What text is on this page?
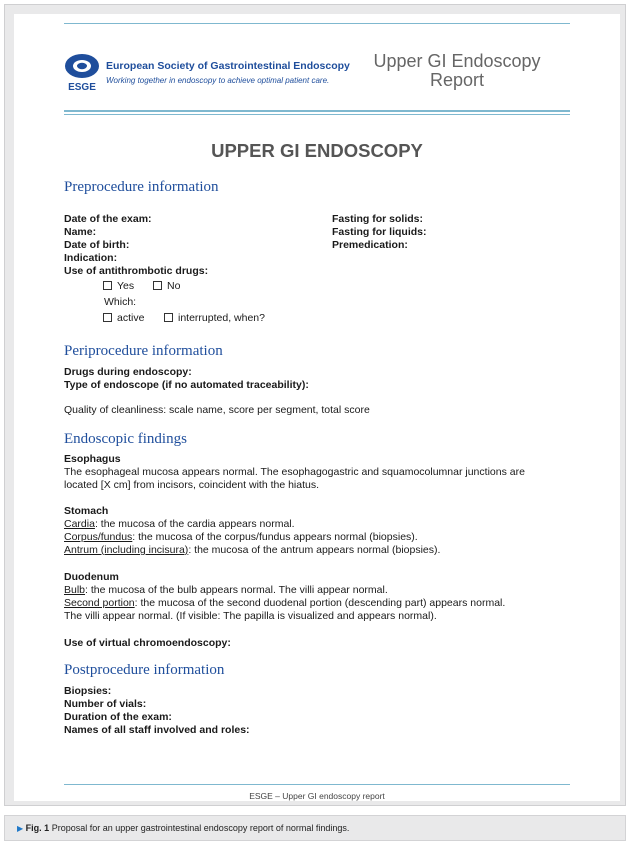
ESGE
European Society of Gastrointestinal Endoscopy
Working together in endoscopy to achieve optimal patient care.
Upper GI Endoscopy
Report
UPPER GI ENDOSCOPY
Preprocedure information
Date of the exam:
Name:
Date of birth:
Indication:
Use of antithrombotic drugs:
Fasting for solids:
Fasting for liquids:
Premedication:
Yes	No
Which:
active	interrupted, when?
Periprocedure information
Drugs during endoscopy:
Type of endoscope (if no automated traceability):
Quality of cleanliness: scale name, score per segment, total score
Endoscopic findings
Esophagus
The esophageal mucosa appears normal. The esophagogastric and squamocolumnar junctions are
located [X cm] from incisors, coincident with the hiatus.
Stomach
Cardia: the mucosa of the cardia appears normal.
Corpus/fundus: the mucosa of the corpus/fundus appears normal (biopsies).
Antrum (including incisura): the mucosa of the antrum appears normal (biopsies).
Duodenum
Bulb: the mucosa of the bulb appears normal. The villi appear normal.
Second portion: the mucosa of the second duodenal portion (descending part) appears normal.
The villi appear normal. (If visible: The papilla is visualized and appears normal).
Use of virtual chromoendoscopy:
Postprocedure information
Biopsies:
Number of vials:
Duration of the exam:
Names of all staff involved and roles:
ESGE – Upper GI endoscopy report
▶ Fig. 1 Proposal for an upper gastrointestinal endoscopy report of normal findings.
